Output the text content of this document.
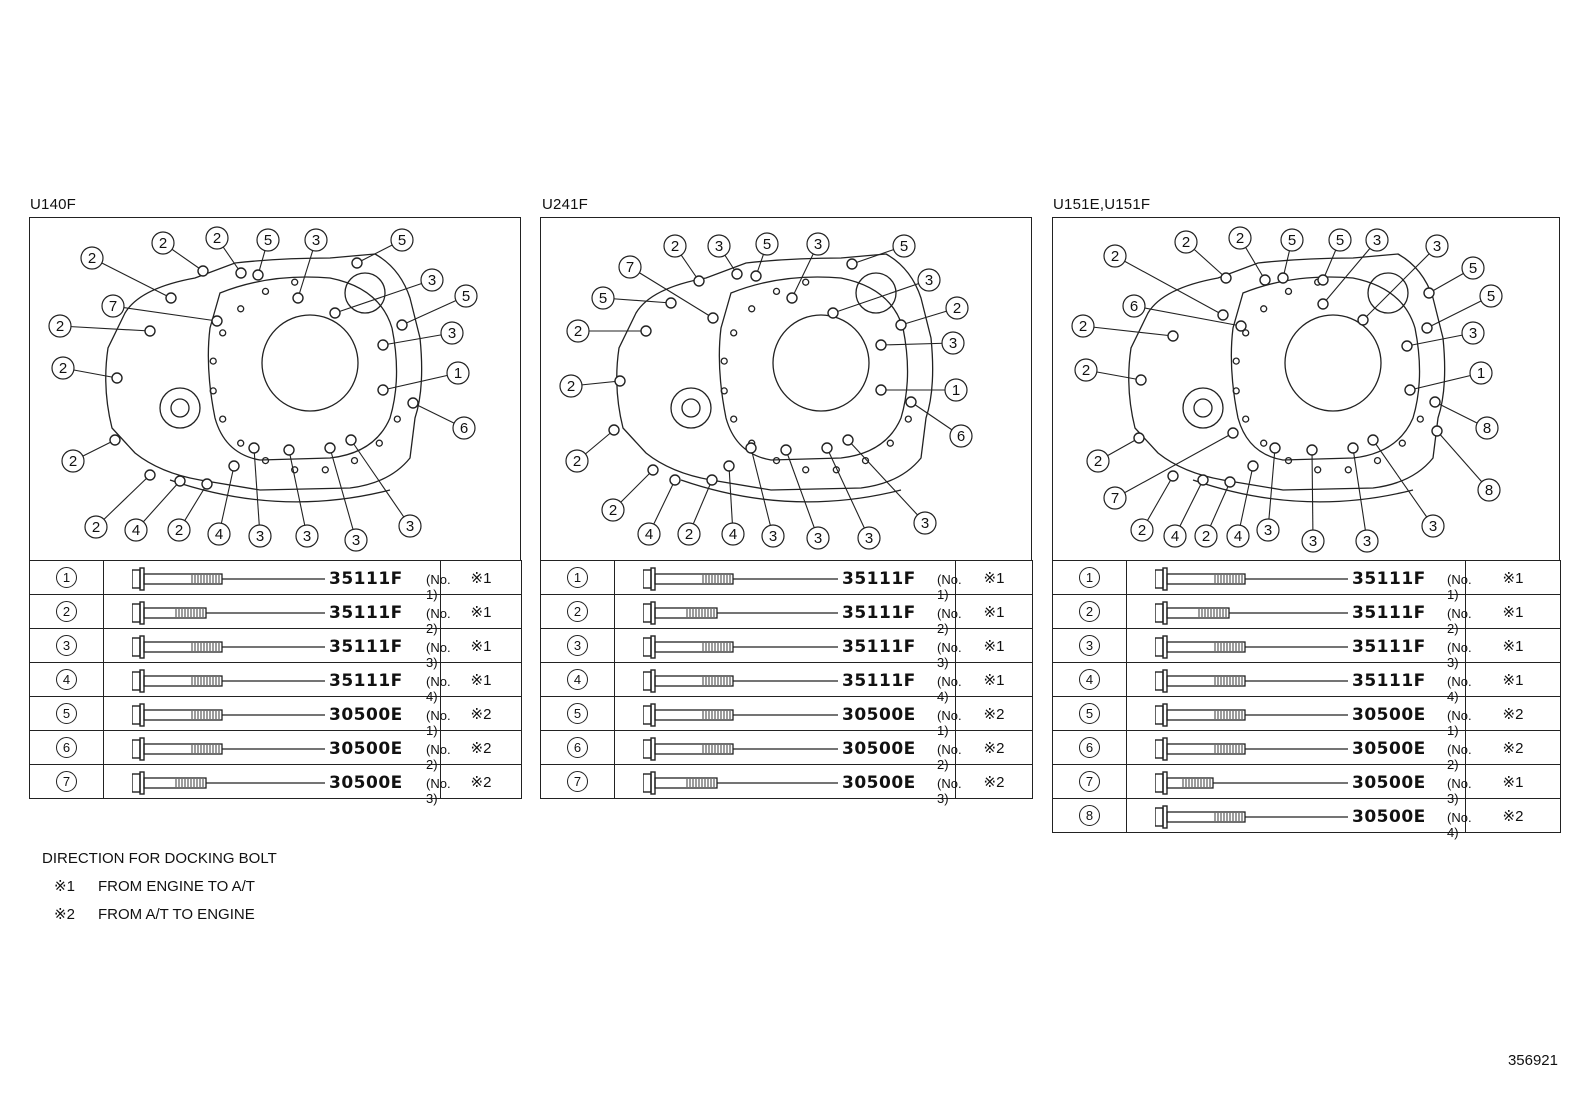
U140F
2
2	2	5	3	5
3
5
7
3
2
2	1
6
2
2 4 2 4 3	3	3
3
1	35111F (No. 1)	※1
2	35111F (No. 2)	※1
3	35111F (No. 3)	※1
4	35111F (No. 4)	※1
5	30500E (No. 1)	※2
6	30500E (No. 2)	※2
7	30500E (No. 3)	※2
U241F
7
2 3	5	3	5
3
2
5
2
3
2	1
6
2
2
4 2 4 3 3	3
3
1	35111F (No. 1)	※1
2	35111F (No. 2)	※1
3	35111F (No. 3)	※1
4	35111F (No. 4)	※1
5	30500E (No. 1)	※2
6	30500E (No. 2)	※2
7	30500E (No. 3)	※2
U151E,U151F
2
2	2	5	5 3	3
5
5
6
2	3
2	1
8
2
8
7
2 4 2 4 3
3	3
3
1	35111F (No. 1)	※1
2	35111F (No. 2)	※1
3	35111F (No. 3)	※1
4	35111F (No. 4)	※1
5	30500E (No. 1)	※2
6	30500E (No. 2)	※2
7	30500E (No. 3)	※1
8	30500E (No. 4)	※2
DIRECTION FOR DOCKING BOLT
※1 FROM ENGINE TO A/T
※2 FROM A/T TO ENGINE
356921
